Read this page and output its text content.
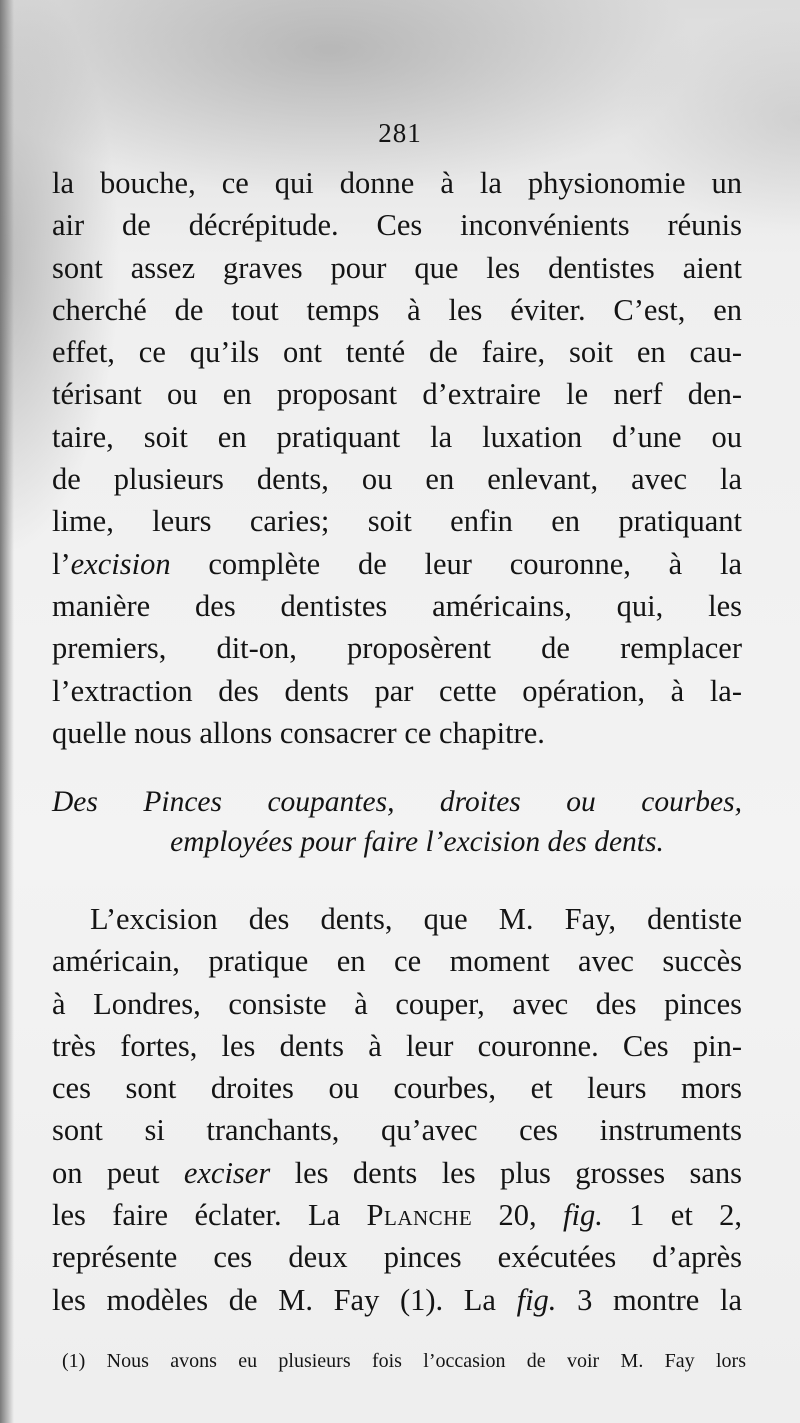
281
la bouche, ce qui donne à la physionomie un
air de décrépitude. Ces inconvénients réunis
sont assez graves pour que les dentistes aient
cherché de tout temps à les éviter. C’est, en
effet, ce qu’ils ont tenté de faire, soit en cau-
térisant ou en proposant d’extraire le nerf den-
taire, soit en pratiquant la luxation d’une ou
de plusieurs dents, ou en enlevant, avec la
lime, leurs caries; soit enfin en pratiquant
l’excision complète de leur couronne, à la
manière des dentistes américains, qui, les
premiers, dit-on, proposèrent de remplacer
l’extraction des dents par cette opération, à la-
quelle nous allons consacrer ce chapitre.
Des Pinces coupantes, droites ou courbes,
employées pour faire l’excision des dents.
L’excision des dents, que M. Fay, dentiste
américain, pratique en ce moment avec succès
à Londres, consiste à couper, avec des pinces
très fortes, les dents à leur couronne. Ces pin-
ces sont droites ou courbes, et leurs mors
sont si tranchants, qu’avec ces instruments
on peut exciser les dents les plus grosses sans
les faire éclater. La Planche 20, fig. 1 et 2,
représente ces deux pinces exécutées d’après
les modèles de M. Fay (1). La fig. 3 montre la
(1) Nous avons eu plusieurs fois l’occasion de voir M. Fay lors
